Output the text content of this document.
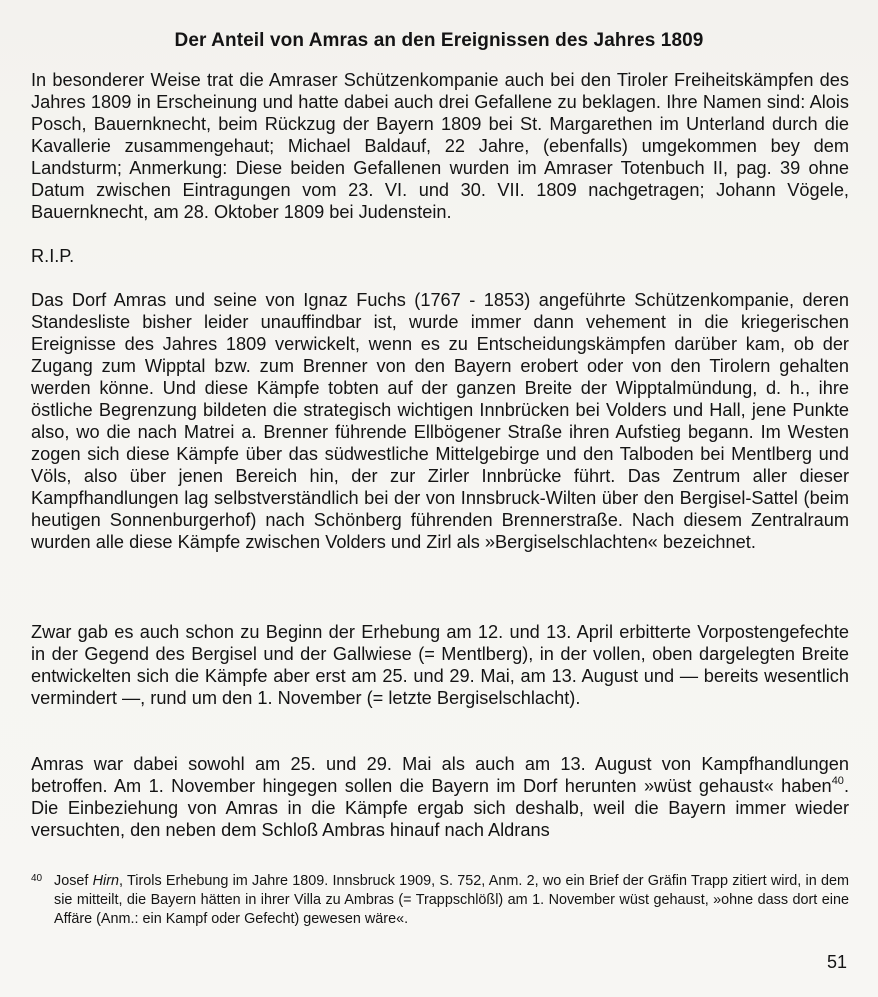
Der Anteil von Amras an den Ereignissen des Jahres 1809

In besonderer Weise trat die Amraser Schützenkompanie auch bei den Tiroler Freiheitskämpfen des Jahres 1809 in Erscheinung und hatte dabei auch drei Gefallene zu beklagen. Ihre Namen sind: Alois Posch, Bauernknecht, beim Rückzug der Bayern 1809 bei St. Margarethen im Unterland durch die Kavallerie zusammengehaut; Michael Baldauf, 22 Jahre, (ebenfalls) umgekommen bey dem Landsturm; Anmerkung: Diese beiden Gefallenen wurden im Amraser Totenbuch II, pag. 39 ohne Datum zwischen Eintragungen vom 23. VI. und 30. VII. 1809 nachgetragen; Johann Vögele, Bauernknecht, am 28. Oktober 1809 bei Judenstein.

R.I.P.

Das Dorf Amras und seine von Ignaz Fuchs (1767 - 1853) angeführte Schützenkompanie, deren Standesliste bisher leider unauffindbar ist, wurde immer dann vehement in die kriegerischen Ereignisse des Jahres 1809 verwickelt, wenn es zu Entscheidungskämpfen darüber kam, ob der Zugang zum Wipptal bzw. zum Brenner von den Bayern erobert oder von den Tirolern gehalten werden könne. Und diese Kämpfe tobten auf der ganzen Breite der Wipptalmündung, d. h., ihre östliche Begrenzung bildeten die strategisch wichtigen Innbrücken bei Volders und Hall, jene Punkte also, wo die nach Matrei a. Brenner führende Ellbögener Straße ihren Aufstieg begann. Im Westen zogen sich diese Kämpfe über das südwestliche Mittelgebirge und den Talboden bei Mentlberg und Völs, also über jenen Bereich hin, der zur Zirler Innbrücke führt. Das Zentrum aller dieser Kampfhandlungen lag selbstverständlich bei der von Innsbruck-Wilten über den Bergisel-Sattel (beim heutigen Sonnenburgerhof) nach Schönberg führenden Brennerstraße. Nach diesem Zentralraum wurden alle diese Kämpfe zwischen Volders und Zirl als »Bergiselschlachten« bezeichnet.

Zwar gab es auch schon zu Beginn der Erhebung am 12. und 13. April erbitterte Vorpostengefechte in der Gegend des Bergisel und der Gallwiese (= Mentlberg), in der vollen, oben dargelegten Breite entwickelten sich die Kämpfe aber erst am 25. und 29. Mai, am 13. August und — bereits wesentlich vermindert —, rund um den 1. November (= letzte Bergiselschlacht).

Amras war dabei sowohl am 25. und 29. Mai als auch am 13. August von Kampfhandlungen betroffen. Am 1. November hingegen sollen die Bayern im Dorf herunten »wüst gehaust« haben$^{40}$. Die Einbeziehung von Amras in die Kämpfe ergab sich deshalb, weil die Bayern immer wieder versuchten, den neben dem Schloß Ambras hinauf nach Aldrans

40 Josef Hirn, Tirols Erhebung im Jahre 1809. Innsbruck 1909, S. 752, Anm. 2, wo ein Brief der Gräfin Trapp zitiert wird, in dem sie mitteilt, die Bayern hätten in ihrer Villa zu Ambras (= Trappschlößl) am 1. November wüst gehaust, »ohne dass dort eine Affäre (Anm.: ein Kampf oder Gefecht) gewesen wäre«.
51
